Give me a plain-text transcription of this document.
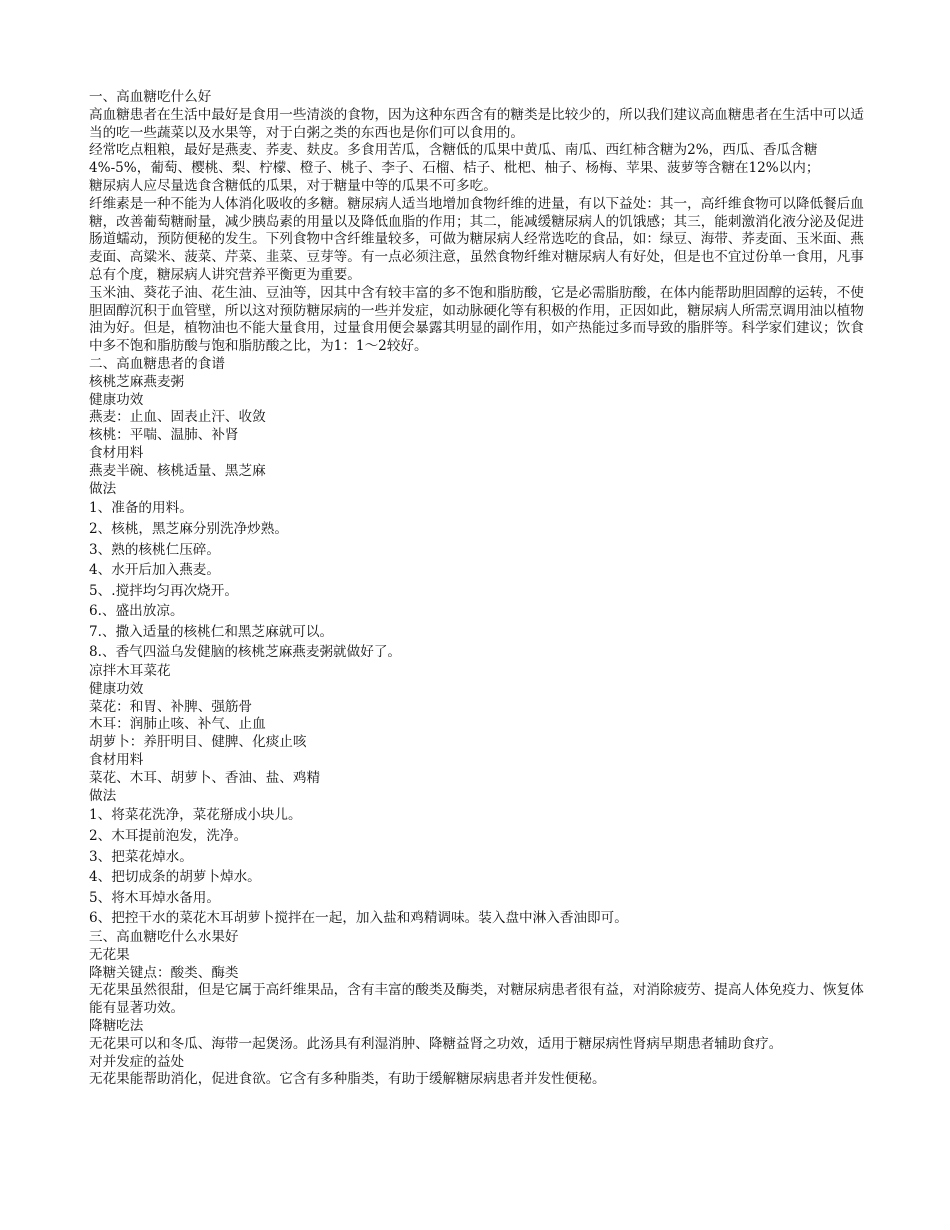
一、高血糖吃什么好

高血糖患者在生活中最好是食用一些清淡的食物，因为这种东西含有的糖类是比较少的，所以我们建议高血糖患者在生活中可以适当的吃一些蔬菜以及水果等，对于白粥之类的东西也是你们可以食用的。

经常吃点粗粮，最好是燕麦、荞麦、麸皮。多食用苦瓜，含糖低的瓜果中黄瓜、南瓜、西红柿含糖为2%，西瓜、香瓜含糖4%-5%，葡萄、樱桃、梨、柠檬、橙子、桃子、李子、石榴、桔子、枇杷、柚子、杨梅、苹果、菠萝等含糖在12%以内；

糖尿病人应尽量选食含糖低的瓜果，对于糖量中等的瓜果不可多吃。

纤维素是一种不能为人体消化吸收的多糖。糖尿病人适当地增加食物纤维的进量，有以下益处：其一，高纤维食物可以降低餐后血糖，改善葡萄糖耐量，减少胰岛素的用量以及降低血脂的作用；其二，能减缓糖尿病人的饥饿感；其三，能刺激消化液分泌及促进肠道蠕动，预防便秘的发生。下列食物中含纤维量较多，可做为糖尿病人经常选吃的食品，如：绿豆、海带、荞麦面、玉米面、燕麦面、高粱米、菠菜、芹菜、韭菜、豆芽等。有一点必须注意，虽然食物纤维对糖尿病人有好处，但是也不宜过份单一食用，凡事总有个度，糖尿病人讲究营养平衡更为重要。

玉米油、葵花子油、花生油、豆油等，因其中含有较丰富的多不饱和脂肪酸，它是必需脂肪酸，在体内能帮助胆固醇的运转，不使胆固醇沉积于血管壁，所以这对预防糖尿病的一些并发症，如动脉硬化等有积极的作用，正因如此，糖尿病人所需烹调用油以植物油为好。但是，植物油也不能大量食用，过量食用便会暴露其明显的副作用，如产热能过多而导致的脂胖等。科学家们建议；饮食中多不饱和脂肪酸与饱和脂肪酸之比，为1：1～2较好。

二、高血糖患者的食谱

核桃芝麻燕麦粥

健康功效

燕麦：止血、固表止汗、收敛

核桃：平喘、温肺、补肾

食材用料

燕麦半碗、核桃适量、黑芝麻

做法

1、准备的用料。

2、核桃，黑芝麻分别洗净炒熟。

3、熟的核桃仁压碎。

4、水开后加入燕麦。

5、.搅拌均匀再次烧开。

6.、盛出放凉。

7.、撒入适量的核桃仁和黑芝麻就可以。

8.、香气四溢乌发健脑的核桃芝麻燕麦粥就做好了。

凉拌木耳菜花

健康功效

菜花：和胃、补脾、强筋骨

木耳：润肺止咳、补气、止血

胡萝卜：养肝明目、健脾、化痰止咳

食材用料

菜花、木耳、胡萝卜、香油、盐、鸡精

做法

1、将菜花洗净，菜花掰成小块儿。

2、木耳提前泡发，洗净。

3、把菜花焯水。

4、把切成条的胡萝卜焯水。

5、将木耳焯水备用。

6、把控干水的菜花木耳胡萝卜搅拌在一起，加入盐和鸡精调味。装入盘中淋入香油即可。

三、高血糖吃什么水果好

无花果

降糖关键点：酸类、酶类

无花果虽然很甜，但是它属于高纤维果品，含有丰富的酸类及酶类，对糖尿病患者很有益，对消除疲劳、提高人体免疫力、恢复体能有显著功效。

降糖吃法

无花果可以和冬瓜、海带一起煲汤。此汤具有利湿消肿、降糖益肾之功效，适用于糖尿病性肾病早期患者辅助食疗。

对并发症的益处

无花果能帮助消化，促进食欲。它含有多种脂类，有助于缓解糖尿病患者并发性便秘。
